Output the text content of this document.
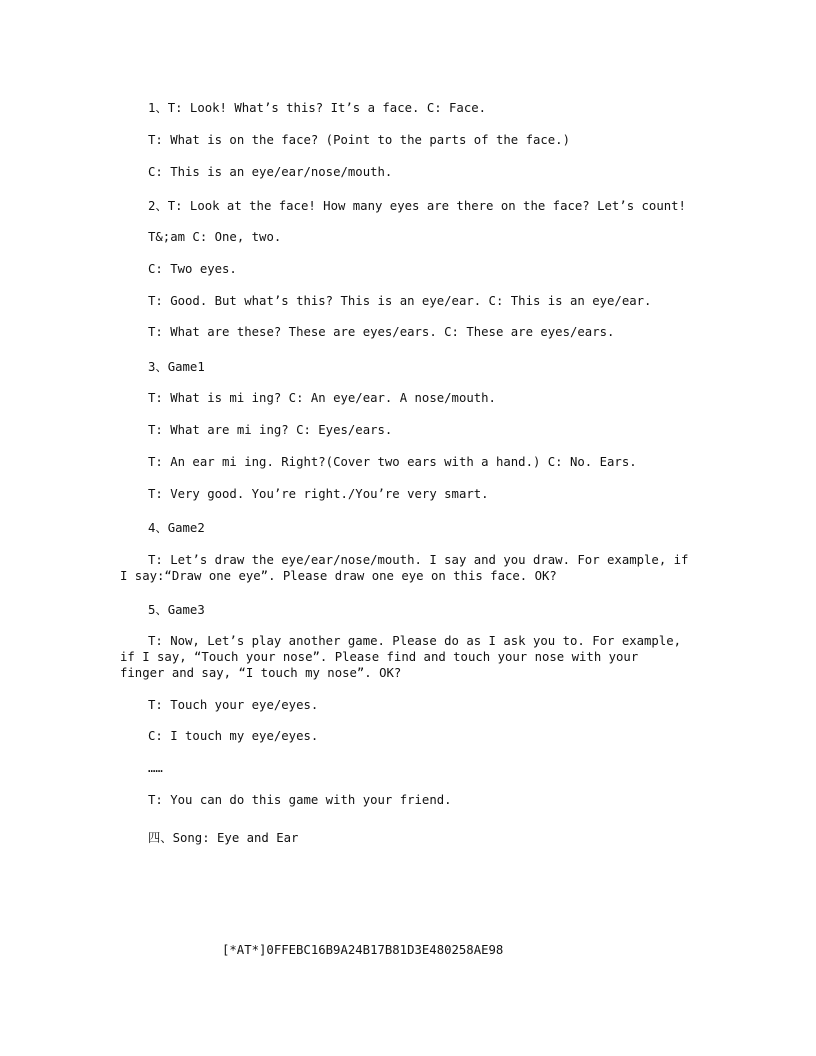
1、T: Look! What’s this? It’s a face. C: Face.

T: What is on the face? (Point to the parts of the face.)

C: This is an eye/ear/nose/mouth.

2、T: Look at the face! How many eyes are there on the face? Let’s count!

T&;am C: One, two.

C: Two eyes.

T: Good. But what’s this? This is an eye/ear. C: This is an eye/ear.

T: What are these? These are eyes/ears. C: These are eyes/ears.

3、Game1

T: What is mi ing? C: An eye/ear. A nose/mouth.

T: What are mi ing? C: Eyes/ears.

T: An ear mi ing. Right?(Cover two ears with a hand.) C: No. Ears.

T: Very good. You’re right./You’re very smart.

4、Game2

T: Let’s draw the eye/ear/nose/mouth. I say and you draw. For example, if I say:“Draw one eye”. Please draw one eye on this face. OK?

5、Game3

T: Now, Let’s play another game. Please do as I ask you to. For example, if I say, “Touch your nose”. Please find and touch your nose with your finger and say, “I touch my nose”. OK?

T: Touch your eye/eyes.

C: I touch my eye/eyes.

……

T: You can do this game with your friend.

四、Song: Eye and Ear

[*AT*]0FFEBC16B9A24B17B81D3E480258AE98
